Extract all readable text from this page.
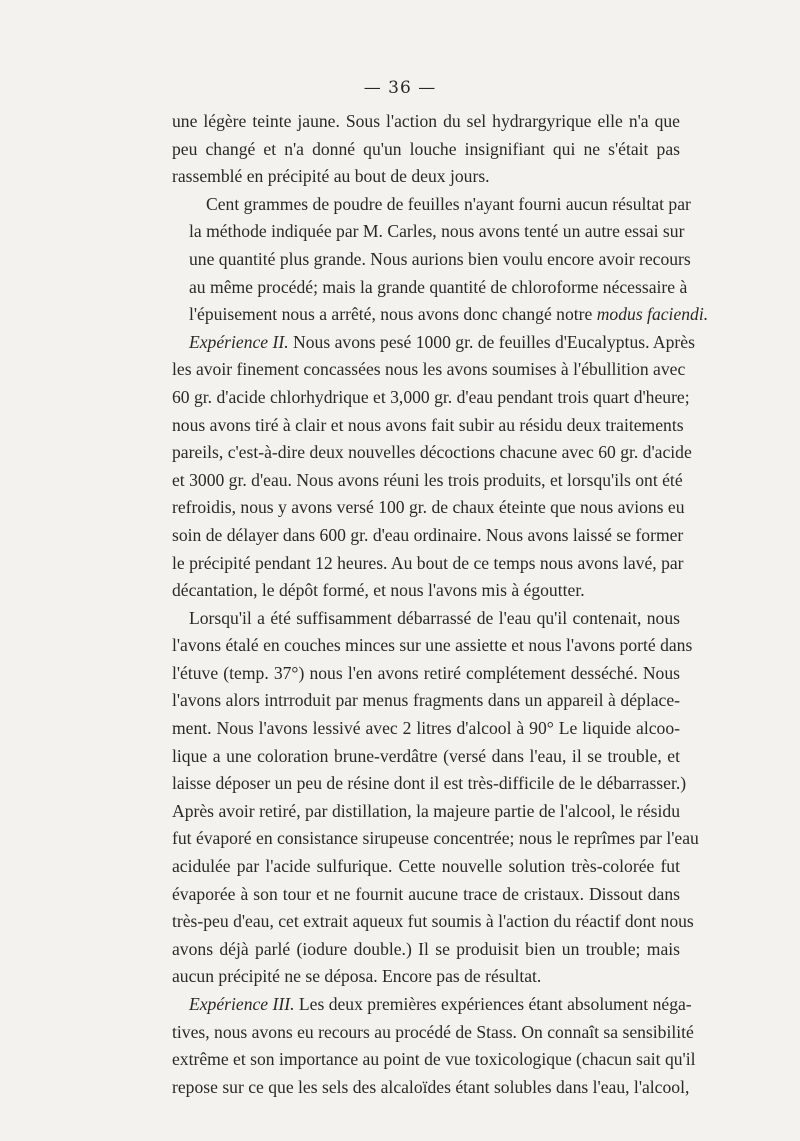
— 36 —

une légère teinte jaune. Sous l'action du sel hydrargyrique elle n'a que
peu changé et n'a donné qu'un louche insignifiant qui ne s'était pas
rassemblé en précipité au bout de deux jours.

Cent grammes de poudre de feuilles n'ayant fourni aucun résultat par
la méthode indiquée par M. Carles, nous avons tenté un autre essai sur
une quantité plus grande. Nous aurions bien voulu encore avoir recours
au même procédé; mais la grande quantité de chloroforme nécessaire à
l'épuisement nous a arrêté, nous avons donc changé notre modus faciendi.

Expérience II. Nous avons pesé 1000 gr. de feuilles d'Eucalyptus. Après
les avoir finement concassées nous les avons soumises à l'ébullition avec
60 gr. d'acide chlorhydrique et 3,000 gr. d'eau pendant trois quart d'heure;
nous avons tiré à clair et nous avons fait subir au résidu deux traitements
pareils, c'est-à-dire deux nouvelles décoctions chacune avec 60 gr. d'acide
et 3000 gr. d'eau. Nous avons réuni les trois produits, et lorsqu'ils ont été
refroidis, nous y avons versé 100 gr. de chaux éteinte que nous avions eu
soin de délayer dans 600 gr. d'eau ordinaire. Nous avons laissé se former
le précipité pendant 12 heures. Au bout de ce temps nous avons lavé, par
décantation, le dépôt formé, et nous l'avons mis à égoutter.

Lorsqu'il a été suffisamment débarrassé de l'eau qu'il contenait, nous
l'avons étalé en couches minces sur une assiette et nous l'avons porté dans
l'étuve (temp. 37°) nous l'en avons retiré complétement desséché. Nous
l'avons alors intrroduit par menus fragments dans un appareil à déplace-
ment. Nous l'avons lessivé avec 2 litres d'alcool à 90° Le liquide alcoo-
lique a une coloration brune-verdâtre (versé dans l'eau, il se trouble, et
laisse déposer un peu de résine dont il est très-difficile de le débarrasser.)
Après avoir retiré, par distillation, la majeure partie de l'alcool, le résidu
fut évaporé en consistance sirupeuse concentrée; nous le reprîmes par l'eau
acidulée par l'acide sulfurique. Cette nouvelle solution très-colorée fut
évaporée à son tour et ne fournit aucune trace de cristaux. Dissout dans
très-peu d'eau, cet extrait aqueux fut soumis à l'action du réactif dont nous
avons déjà parlé (iodure double.) Il se produisit bien un trouble; mais
aucun précipité ne se déposa. Encore pas de résultat.

Expérience III. Les deux premières expériences étant absolument néga-
tives, nous avons eu recours au procédé de Stass. On connaît sa sensibilité
extrême et son importance au point de vue toxicologique (chacun sait qu'il
repose sur ce que les sels des alcaloïdes étant solubles dans l'eau, l'alcool,
